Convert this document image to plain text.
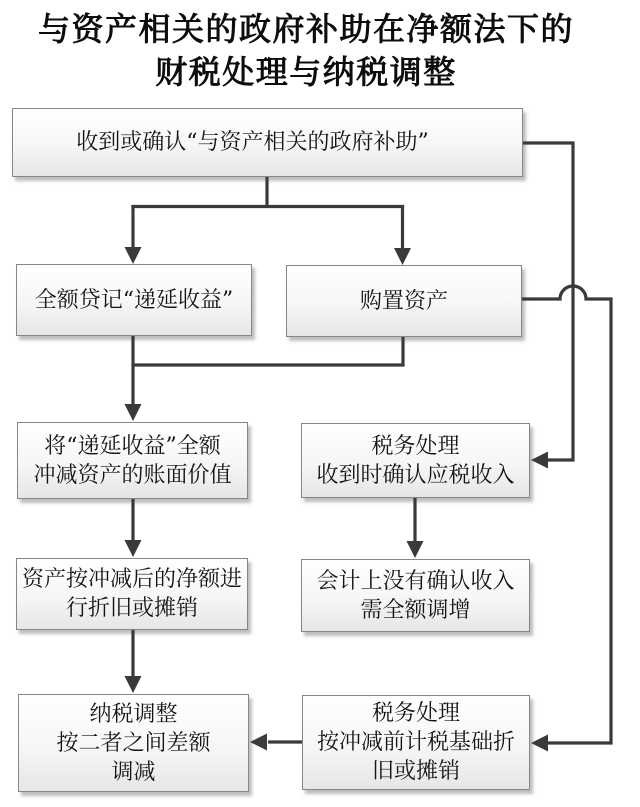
与资产相关的政府补助在净额法下的
财税处理与纳税调整
收到或确认“与资产相关的政府补助”
全额贷记“递延收益”	购置资产
将“递延收益”全额
冲减资产的账面价值
税务处理
收到时确认应税收入
资产按冲减后的净额进
行折旧或摊销
会计上没有确认收入
需全额调增
纳税调整
按二者之间差额
调减
税务处理
按冲减前计税基础折
旧或摊销
